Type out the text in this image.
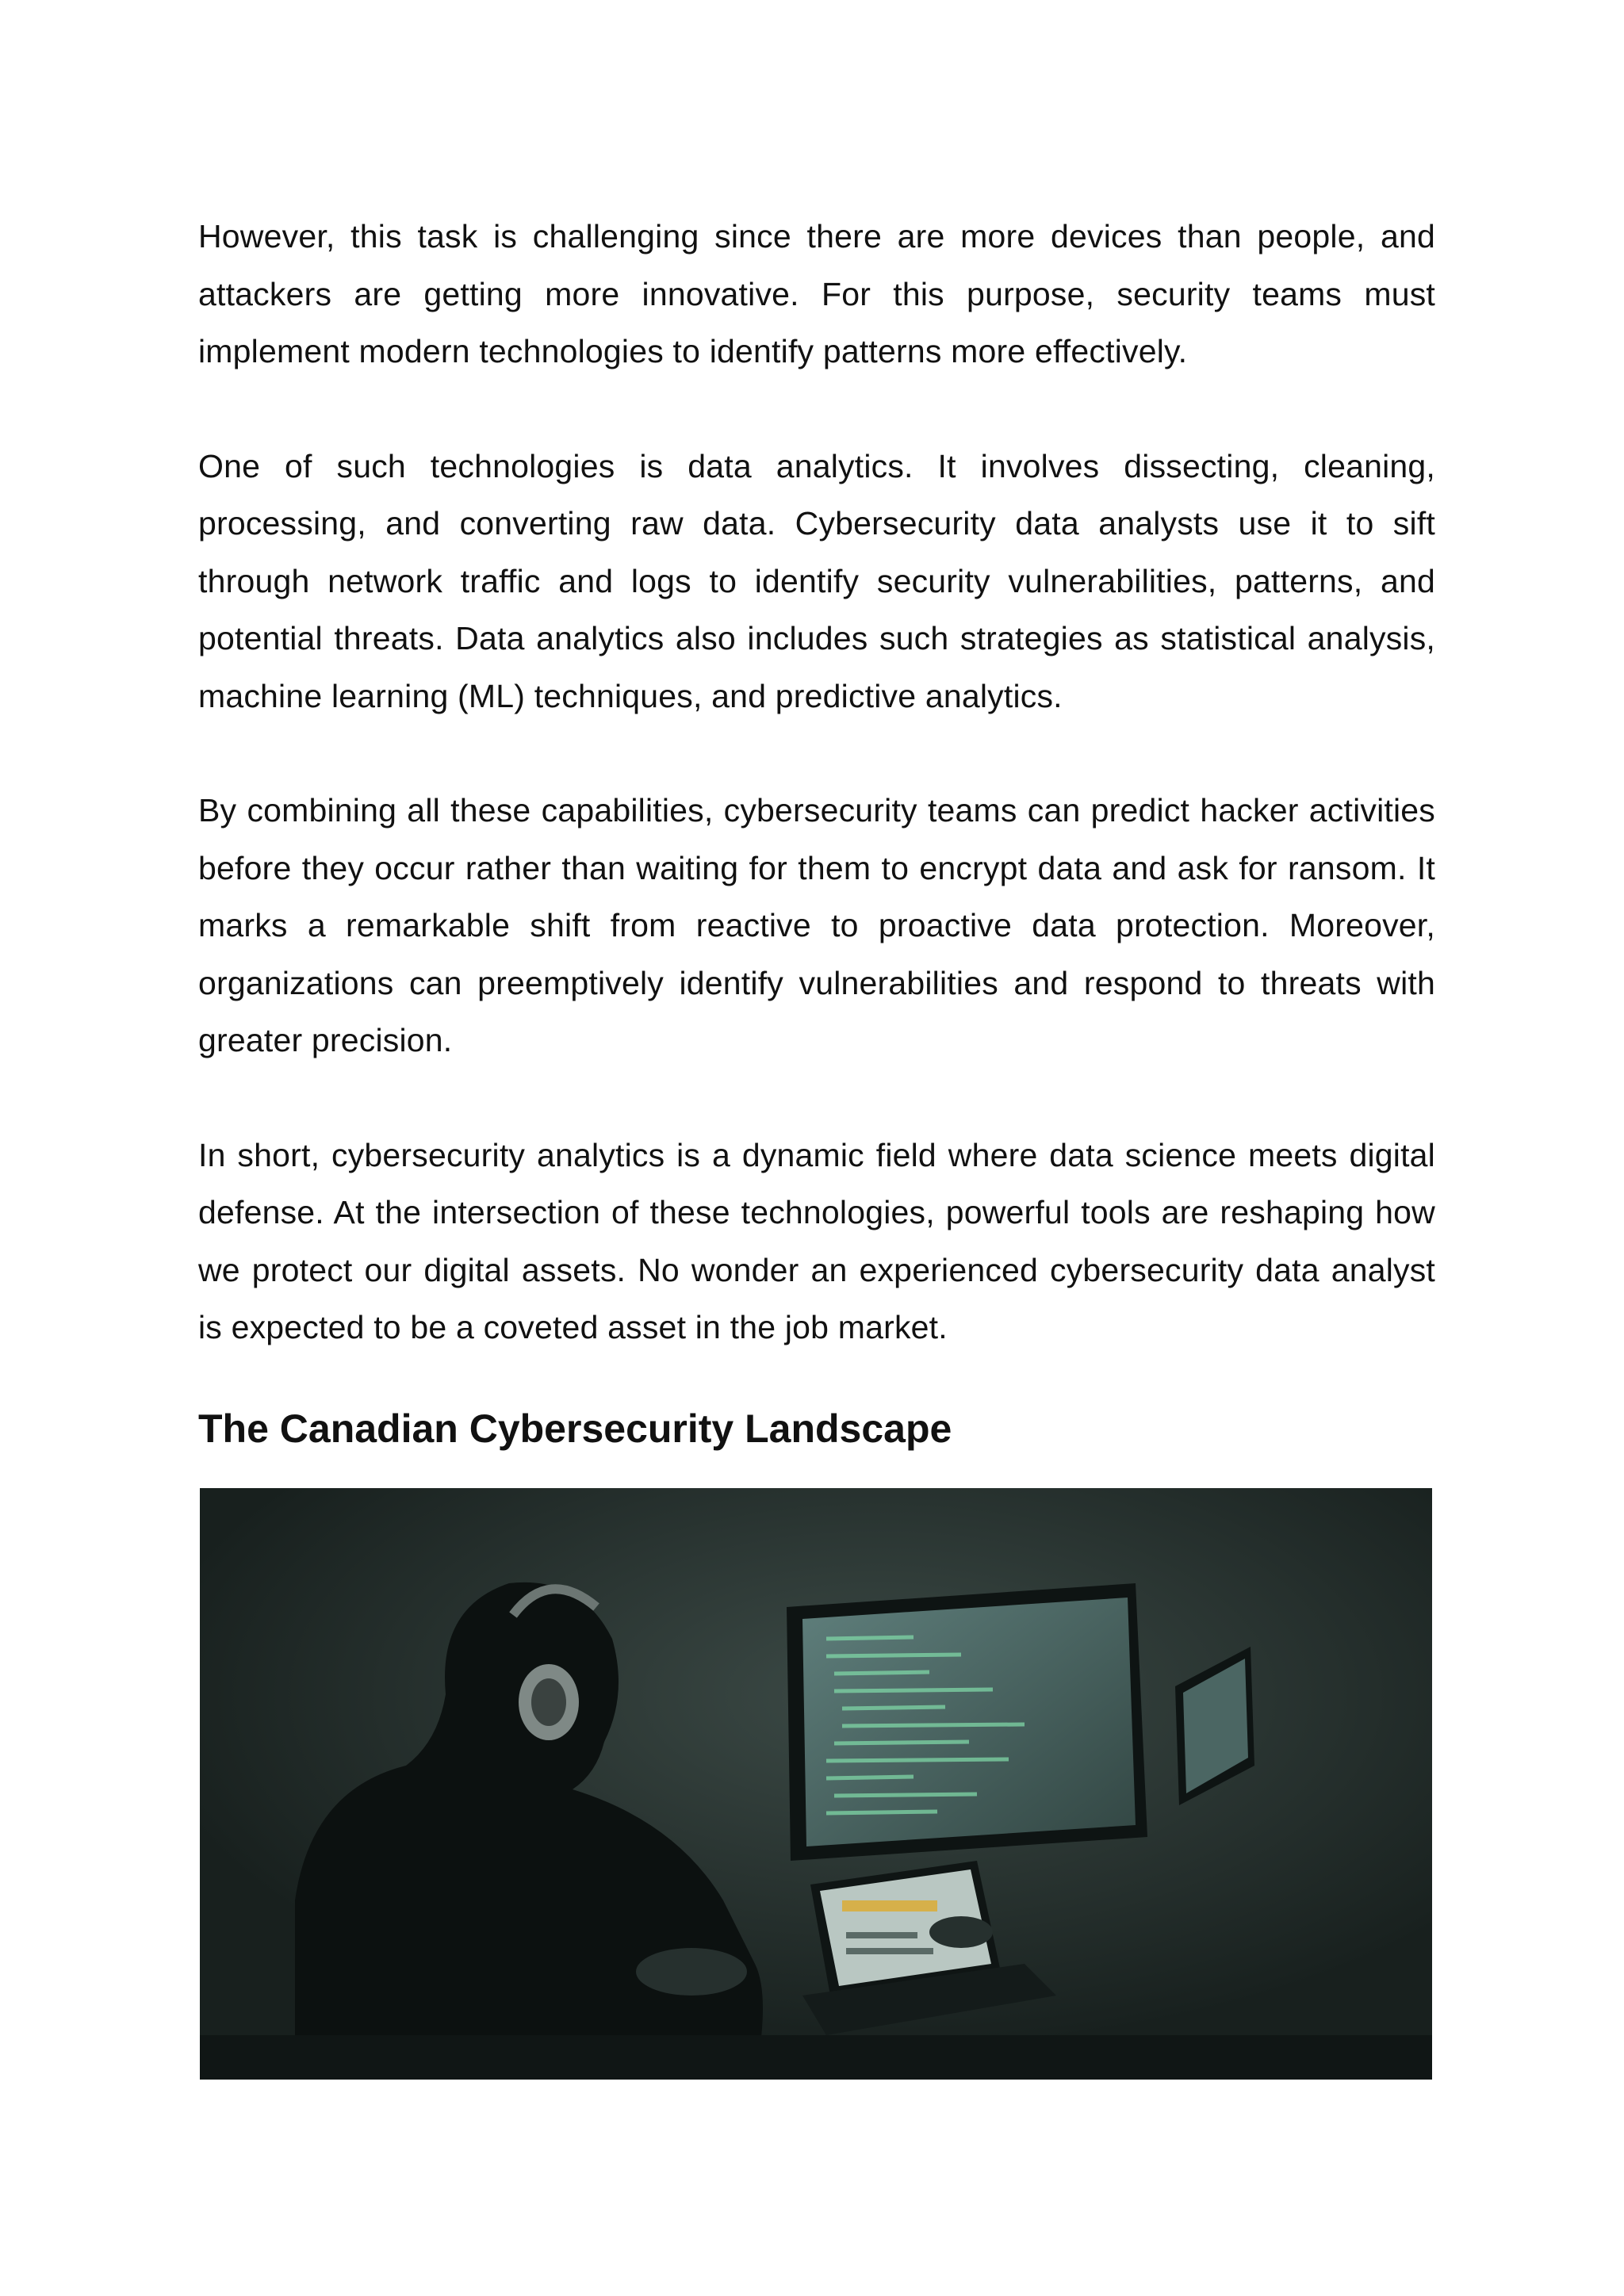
However, this task is challenging since there are more devices than people, and attackers are getting more innovative. For this purpose, security teams must implement modern technologies to identify patterns more effectively.

One of such technologies is data analytics. It involves dissecting, cleaning, processing, and converting raw data. Cybersecurity data analysts use it to sift through network traffic and logs to identify security vulnerabilities, patterns, and potential threats. Data analytics also includes such strategies as statistical analysis, machine learning (ML) techniques, and predictive analytics.

By combining all these capabilities, cybersecurity teams can predict hacker activities before they occur rather than waiting for them to encrypt data and ask for ransom. It marks a remarkable shift from reactive to proactive data protection. Moreover, organizations can preemptively identify vulnerabilities and respond to threats with greater precision.

In short, cybersecurity analytics is a dynamic field where data science meets digital defense. At the intersection of these technologies, powerful tools are reshaping how we protect our digital assets. No wonder an experienced cybersecurity data analyst is expected to be a coveted asset in the job market.

The Canadian Cybersecurity Landscape
